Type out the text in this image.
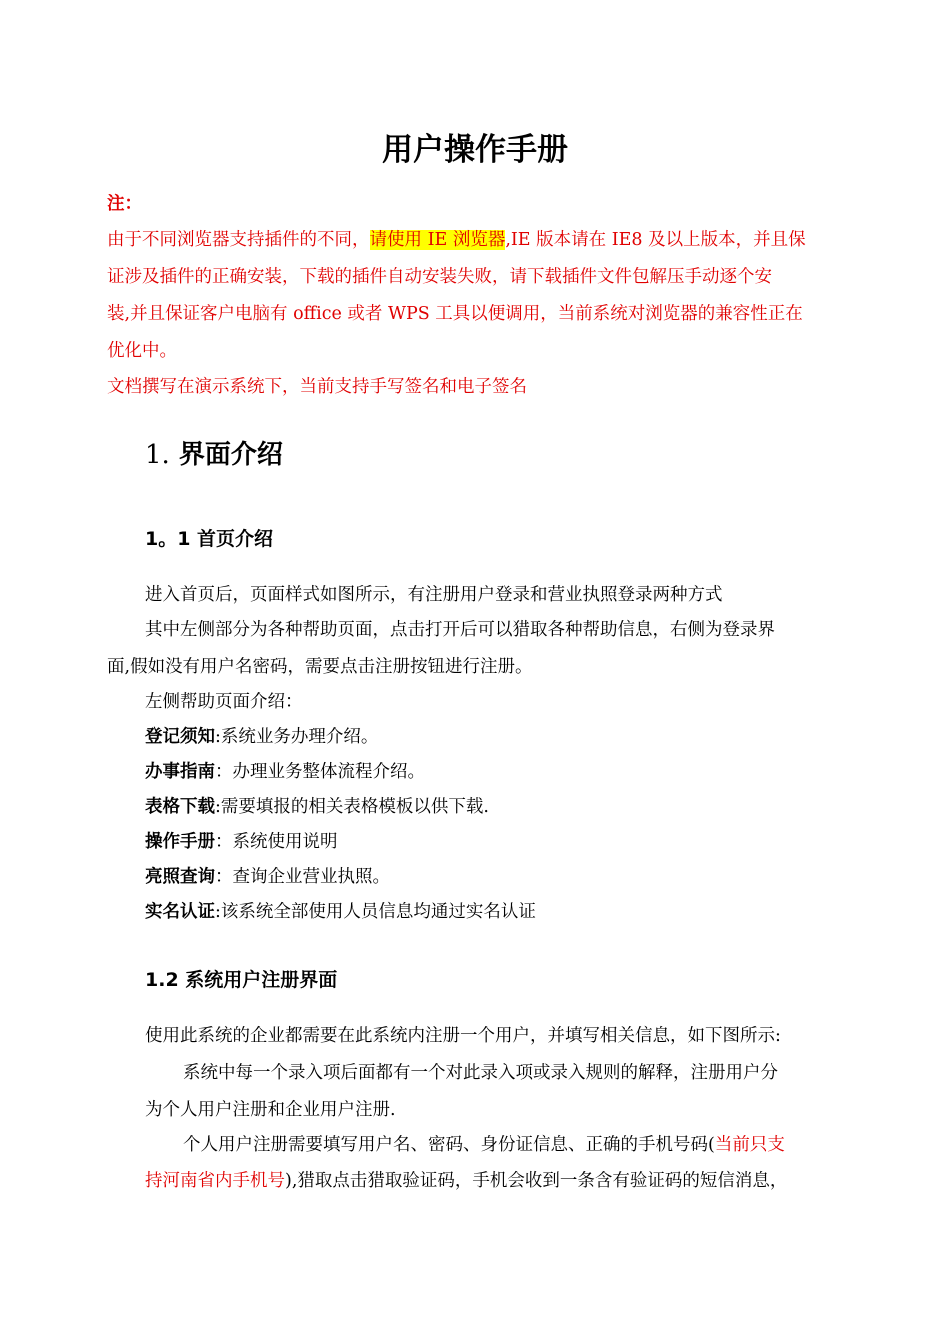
用户操作手册
注：
由于不同浏览器支持插件的不同，请使用 IE 浏览器,IE 版本请在 IE8 及以上版本，并且保
证涉及插件的正确安装，下载的插件自动安装失败，请下载插件文件包解压手动逐个安
装,并且保证客户电脑有 office 或者 WPS 工具以便调用，当前系统对浏览器的兼容性正在
优化中。
文档撰写在演示系统下，当前支持手写签名和电子签名
1. 界面介绍
1。1 首页介绍
进入首页后，页面样式如图所示，有注册用户登录和营业执照登录两种方式
其中左侧部分为各种帮助页面，点击打开后可以猎取各种帮助信息，右侧为登录界
面,假如没有用户名密码，需要点击注册按钮进行注册。
左侧帮助页面介绍：
登记须知:系统业务办理介绍。
办事指南：办理业务整体流程介绍。
表格下载:需要填报的相关表格模板以供下载.
操作手册：系统使用说明
亮照查询：查询企业营业执照。
实名认证:该系统全部使用人员信息均通过实名认证
1.2 系统用户注册界面
使用此系统的企业都需要在此系统内注册一个用户，并填写相关信息，如下图所示:
系统中每一个录入项后面都有一个对此录入项或录入规则的解释，注册用户分
为个人用户注册和企业用户注册.
个人用户注册需要填写用户名、密码、身份证信息、正确的手机号码(当前只支
持河南省内手机号),猎取点击猎取验证码，手机会收到一条含有验证码的短信消息，
